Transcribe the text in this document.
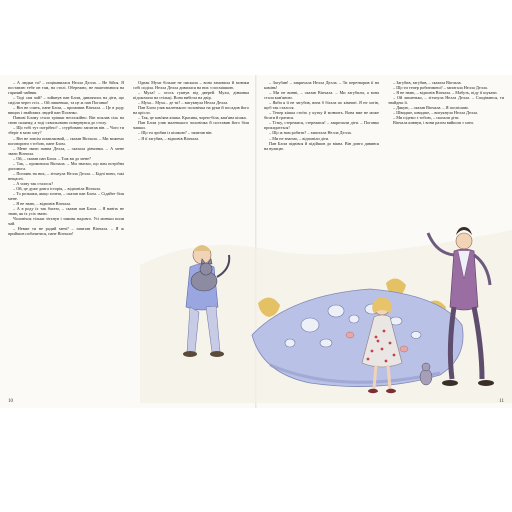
– А людки та? – поцікавилася Нелла Делла. – Не бійся. Я поставлю тебе он там, на столі. Обережно, не наштовхнися на гарячий чайник.

– Тоді сам чай? – зойкнув пан Блом, дивлячись на діти, що сиділи через стіл. – Ой лишенько, та це ж пан Поганко!

– Він не спить, пане Блом, – промовив Віпчала. – Це в роду вищих і знайомих людей пан Поганко.

Панові Блому стало трішки неспокійно. Він поклав сіль на свою склянку, а тоді схвильовано повернувся до столу.

– Що тобі тут потрібно? – стурбовано запитав він. – Чого ти зберіг в мою хату?

– Він не зовсім помилковий, – сказав Віпчала. – Ми можемо поговорити з тобою, пане Блом.

– Мене звати панна Делла, – сказала дівчинка. – А мене звати Віпчала.

– Ой, – сказав пан Блом. – Тож ви до мене?

– Так, – промовила Віпчала. – Ми знаємо, що вам потрібна допомога.

– Поглянь на них, – зітхнула Нелла Делла. – Бідні вони, такі нещасні.

– А чому так сталося?

– Ой, це дуже довга історія, – відповіла Віпчала.

– То розкажи, якщо хочеш, – сказав пан Блом. – Сідайте біля мене.

– Я не знаю, – відповів Віпчала.

– А в роду їх так багато, – сказав пан Блом. – Я навіть не знаю, як їх усіх звати.

Чоловічок тільки зітхнув і замовк надовго. Усі мовчки пили чай.

– Невже ти не радий мені? – запитав Віпчала. – Я ж прийшов побачитися, пане Віпчало!

Однак Мухи більше не пискала – вона замовкла й мовчки собі сиділа. Нелла Делла дивилася на них з посмішкою.

– Муха! – хтось гукнув від дверей. Мухи, дівчинка підскочила на стільці. Вона вибігла на двір.

– Муха... Муха... де ти? – вигукнула Нелла Делла.

Пан Блом узяв маленького чоловічка на руки й посадив його на крісло.

– Так, це кам'яна кішка. Красива, чорно-біла, кам'яна кішка.

Пан Блом узяв маленького чоловічка й поставив його біля чашки.

– Що ти зробив із кішкою? – запитав він.

– Я її загубив, – відповів Віпчала.

– Загубив! – закричала Нелла Делла. – Ти перетворив її на камінь!

– Ми не винні, – сказав Віпчала. – Ми загубили, а вона стала кам'яною.

– Якби я її не загубив, вона б бігала по кімнаті. Я не хотів, щоб так сталося.

– Тепер кішка стоїть у кутку й мовчить. Вона вже не може бігати й гратися.

– Тітку, стережися, стережися! – закричали діти. – Поганко прокидається!

– Що ж нам робити? – запитала Нелла Делла.

– Ми не знаємо, – відповіли діти.

Пан Блом підвівся й підійшов до вікна. Він довго дивився на вулицю.

– Загубив, загубив, – сказала Віпчала.

– Що ти тепер робитимеш? – запитала Нелла Делла.

– Я не знаю, – відповів Віпчала. – Мабуть, піду її шукати.

– Ой лишенько, – зітхнула Нелла Делла. – Сподіваюся, ти знайдеш її.

– Дякую, – сказав Віпчала. – Я поспішаю.

– Швидше, швидше, – вигукнула Нелла Делла.

– Ми підемо з тобою, – сказали діти.

Віпчала кивнув, і вони разом вийшли з хати.

10	11
